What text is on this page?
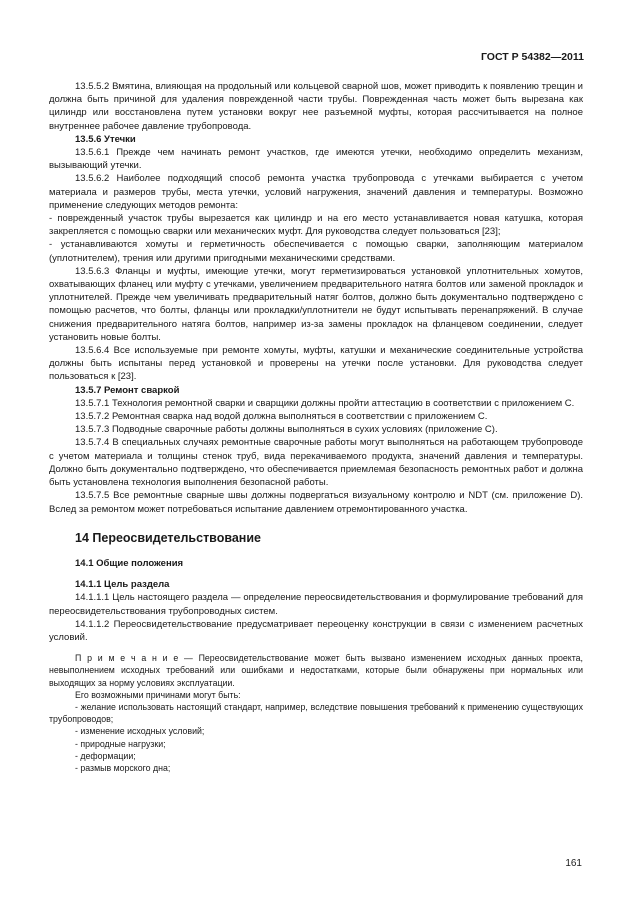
ГОСТ Р 54382—2011

13.5.5.2 Вмятина, влияющая на продольный или кольцевой сварной шов, может приводить к появлению трещин и должна быть причиной для удаления поврежденной части трубы. Поврежденная часть может быть вырезана как цилиндр или восстановлена путем установки вокруг нее разъемной муфты, которая рассчитывается на полное внутреннее рабочее давление трубопровода.

13.5.6 Утечки

13.5.6.1 Прежде чем начинать ремонт участков, где имеются утечки, необходимо определить механизм, вызывающий утечки.

13.5.6.2 Наиболее подходящий способ ремонта участка трубопровода с утечками выбирается с учетом материала и размеров трубы, места утечки, условий нагружения, значений давления и температуры. Возможно применение следующих методов ремонта:

- поврежденный участок трубы вырезается как цилиндр и на его место устанавливается новая катушка, которая закрепляется с помощью сварки или механических муфт. Для руководства следует пользоваться [23];

- устанавливаются хомуты и герметичность обеспечивается с помощью сварки, заполняющим материалом (уплотнителем), трения или другими пригодными механическими средствами.

13.5.6.3 Фланцы и муфты, имеющие утечки, могут герметизироваться установкой уплотнительных хомутов, охватывающих фланец или муфту с утечками, увеличением предварительного натяга болтов или заменой прокладок и уплотнителей. Прежде чем увеличивать предварительный натяг болтов, должно быть документально подтверждено с помощью расчетов, что болты, фланцы или прокладки/уплотнители не будут испытывать перенапряжений. В случае снижения предварительного натяга болтов, например из-за замены прокладок на фланцевом соединении, следует установить новые болты.

13.5.6.4 Все используемые при ремонте хомуты, муфты, катушки и механические соединительные устройства должны быть испытаны перед установкой и проверены на утечки после установки. Для руководства следует пользоваться к [23].

13.5.7 Ремонт сваркой

13.5.7.1 Технология ремонтной сварки и сварщики должны пройти аттестацию в соответствии с приложением С.

13.5.7.2 Ремонтная сварка над водой должна выполняться в соответствии с приложением С.

13.5.7.3 Подводные сварочные работы должны выполняться в сухих условиях (приложение С).

13.5.7.4 В специальных случаях ремонтные сварочные работы могут выполняться на работающем трубопроводе с учетом материала и толщины стенок труб, вида перекачиваемого продукта, значений давления и температуры. Должно быть документально подтверждено, что обеспечивается приемлемая безопасность ремонтных работ и должна быть установлена технология выполнения безопасной работы.

13.5.7.5 Все ремонтные сварные швы должны подвергаться визуальному контролю и NDT (см. приложение D). Вслед за ремонтом может потребоваться испытание давлением отремонтированного участка.

14 Переосвидетельствование

14.1 Общие положения

14.1.1 Цель раздела

14.1.1.1 Цель настоящего раздела — определение переосвидетельствования и формулирование требований для переосвидетельствования трубопроводных систем.

14.1.1.2 Переосвидетельствование предусматривает переоценку конструкции в связи с изменением расчетных условий.

П р и м е ч а н и е — Переосвидетельствование может быть вызвано изменением исходных данных проекта, невыполнением исходных требований или ошибками и недостатками, которые были обнаружены при нормальных или выходящих за норму условиях эксплуатации.

Его возможными причинами могут быть:

- желание использовать настоящий стандарт, например, вследствие повышения требований к применению существующих трубопроводов;

- изменение исходных условий;

- природные нагрузки;

- деформации;

- размыв морского дна;

161
